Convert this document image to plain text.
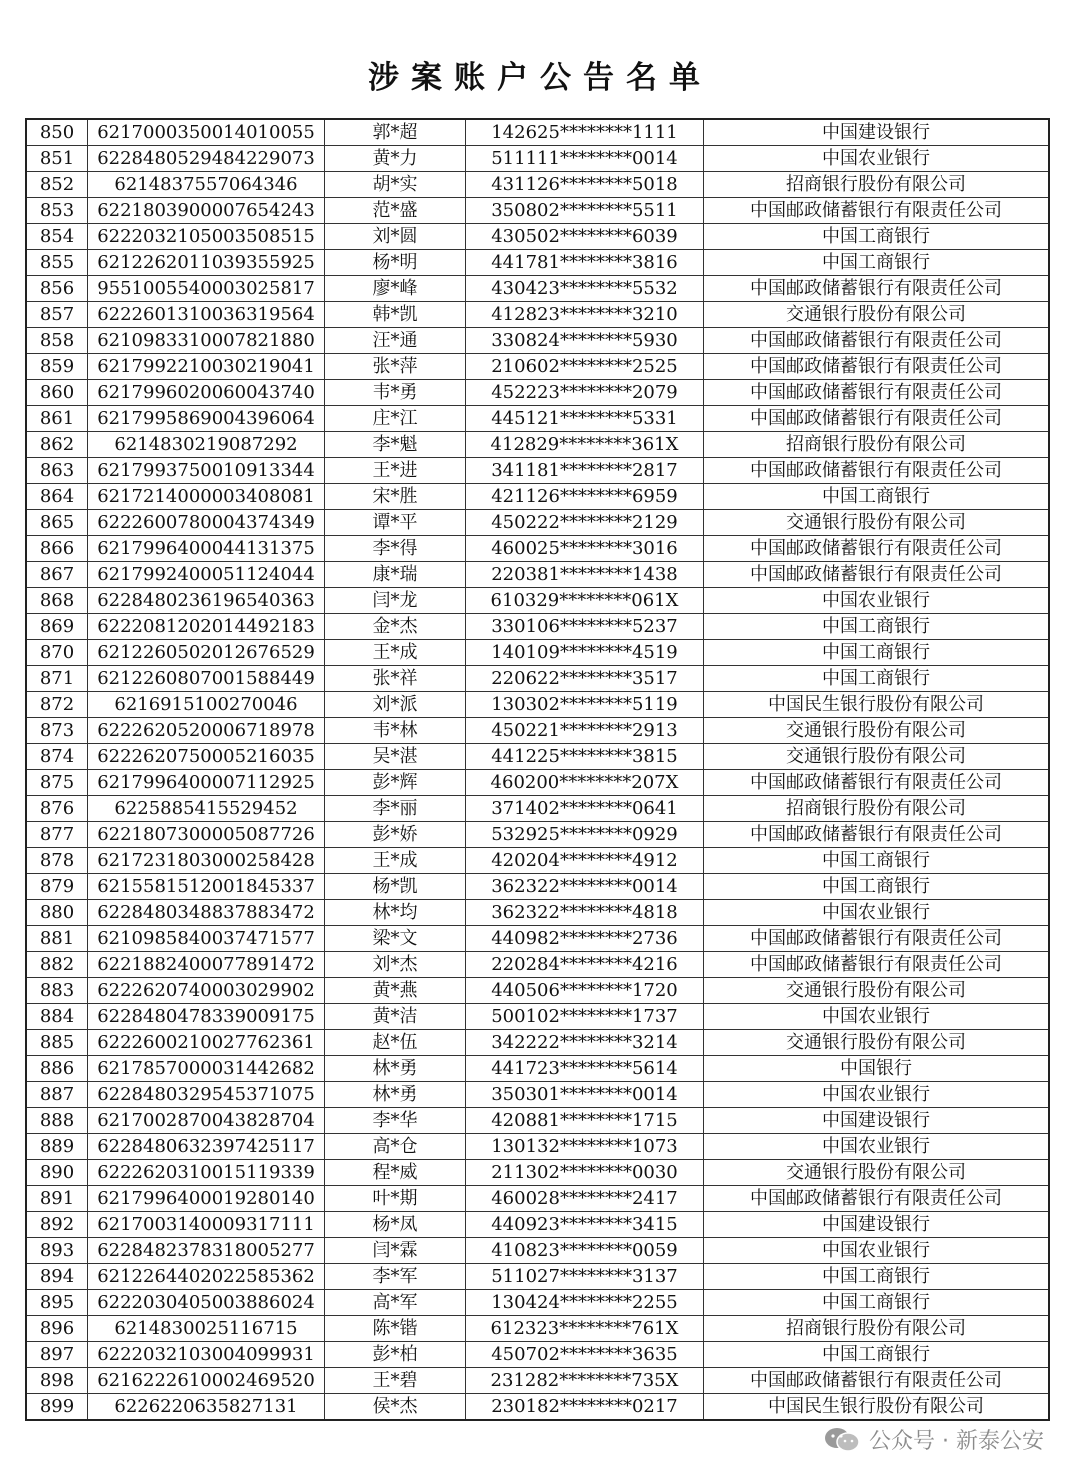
涉案账户公告名单
850	6217000350014010055	郭*超	142625********1111	中国建设银行
851	6228480529484229073	黄*力	511111********0014	中国农业银行
852	6214837557064346	胡*实	431126********5018	招商银行股份有限公司
853	6221803900007654243	范*盛	350802********5511	中国邮政储蓄银行有限责任公司
854	6222032105003508515	刘*圆	430502********6039	中国工商银行
855	6212262011039355925	杨*明	441781********3816	中国工商银行
856	9551005540003025817	廖*峰	430423********5532	中国邮政储蓄银行有限责任公司
857	6222601310036319564	韩*凯	412823********3210	交通银行股份有限公司
858	6210983310007821880	汪*通	330824********5930	中国邮政储蓄银行有限责任公司
859	6217992210030219041	张*萍	210602********2525	中国邮政储蓄银行有限责任公司
860	6217996020060043740	韦*勇	452223********2079	中国邮政储蓄银行有限责任公司
861	6217995869004396064	庄*江	445121********5331	中国邮政储蓄银行有限责任公司
862	6214830219087292	李*魁	412829********361X	招商银行股份有限公司
863	6217993750010913344	王*进	341181********2817	中国邮政储蓄银行有限责任公司
864	6217214000003408081	宋*胜	421126********6959	中国工商银行
865	6222600780004374349	谭*平	450222********2129	交通银行股份有限公司
866	6217996400044131375	李*得	460025********3016	中国邮政储蓄银行有限责任公司
867	6217992400051124044	康*瑞	220381********1438	中国邮政储蓄银行有限责任公司
868	6228480236196540363	闫*龙	610329********061X	中国农业银行
869	6222081202014492183	金*杰	330106********5237	中国工商银行
870	6212260502012676529	王*成	140109********4519	中国工商银行
871	6212260807001588449	张*祥	220622********3517	中国工商银行
872	6216915100270046	刘*派	130302********5119	中国民生银行股份有限公司
873	6222620520006718978	韦*林	450221********2913	交通银行股份有限公司
874	6222620750005216035	吴*湛	441225********3815	交通银行股份有限公司
875	6217996400007112925	彭*辉	460200********207X	中国邮政储蓄银行有限责任公司
876	6225885415529452	李*丽	371402********0641	招商银行股份有限公司
877	6221807300005087726	彭*娇	532925********0929	中国邮政储蓄银行有限责任公司
878	6217231803000258428	王*成	420204********4912	中国工商银行
879	6215581512001845337	杨*凯	362322********0014	中国工商银行
880	6228480348837883472	林*均	362322********4818	中国农业银行
881	6210985840037471577	梁*文	440982********2736	中国邮政储蓄银行有限责任公司
882	6221882400077891472	刘*杰	220284********4216	中国邮政储蓄银行有限责任公司
883	6222620740003029902	黄*燕	440506********1720	交通银行股份有限公司
884	6228480478339009175	黄*洁	500102********1737	中国农业银行
885	6222600210027762361	赵*伍	342222********3214	交通银行股份有限公司
886	6217857000031442682	林*勇	441723********5614	中国银行
887	6228480329545371075	林*勇	350301********0014	中国农业银行
888	6217002870043828704	李*华	420881********1715	中国建设银行
889	6228480632397425117	高*仓	130132********1073	中国农业银行
890	6222620310015119339	程*威	211302********0030	交通银行股份有限公司
891	6217996400019280140	叶*期	460028********2417	中国邮政储蓄银行有限责任公司
892	6217003140009317111	杨*凤	440923********3415	中国建设银行
893	6228482378318005277	闫*霖	410823********0059	中国农业银行
894	6212264402022585362	李*军	511027********3137	中国工商银行
895	6222030405003886024	高*军	130424********2255	中国工商银行
896	6214830025116715	陈*锴	612323********761X	招商银行股份有限公司
897	6222032103004099931	彭*柏	450702********3635	中国工商银行
898	6216222610002469520	王*碧	231282********735X	中国邮政储蓄银行有限责任公司
899	6226220635827131	侯*杰	230182********0217	中国民生银行股份有限公司
公众号 · 新泰公安
